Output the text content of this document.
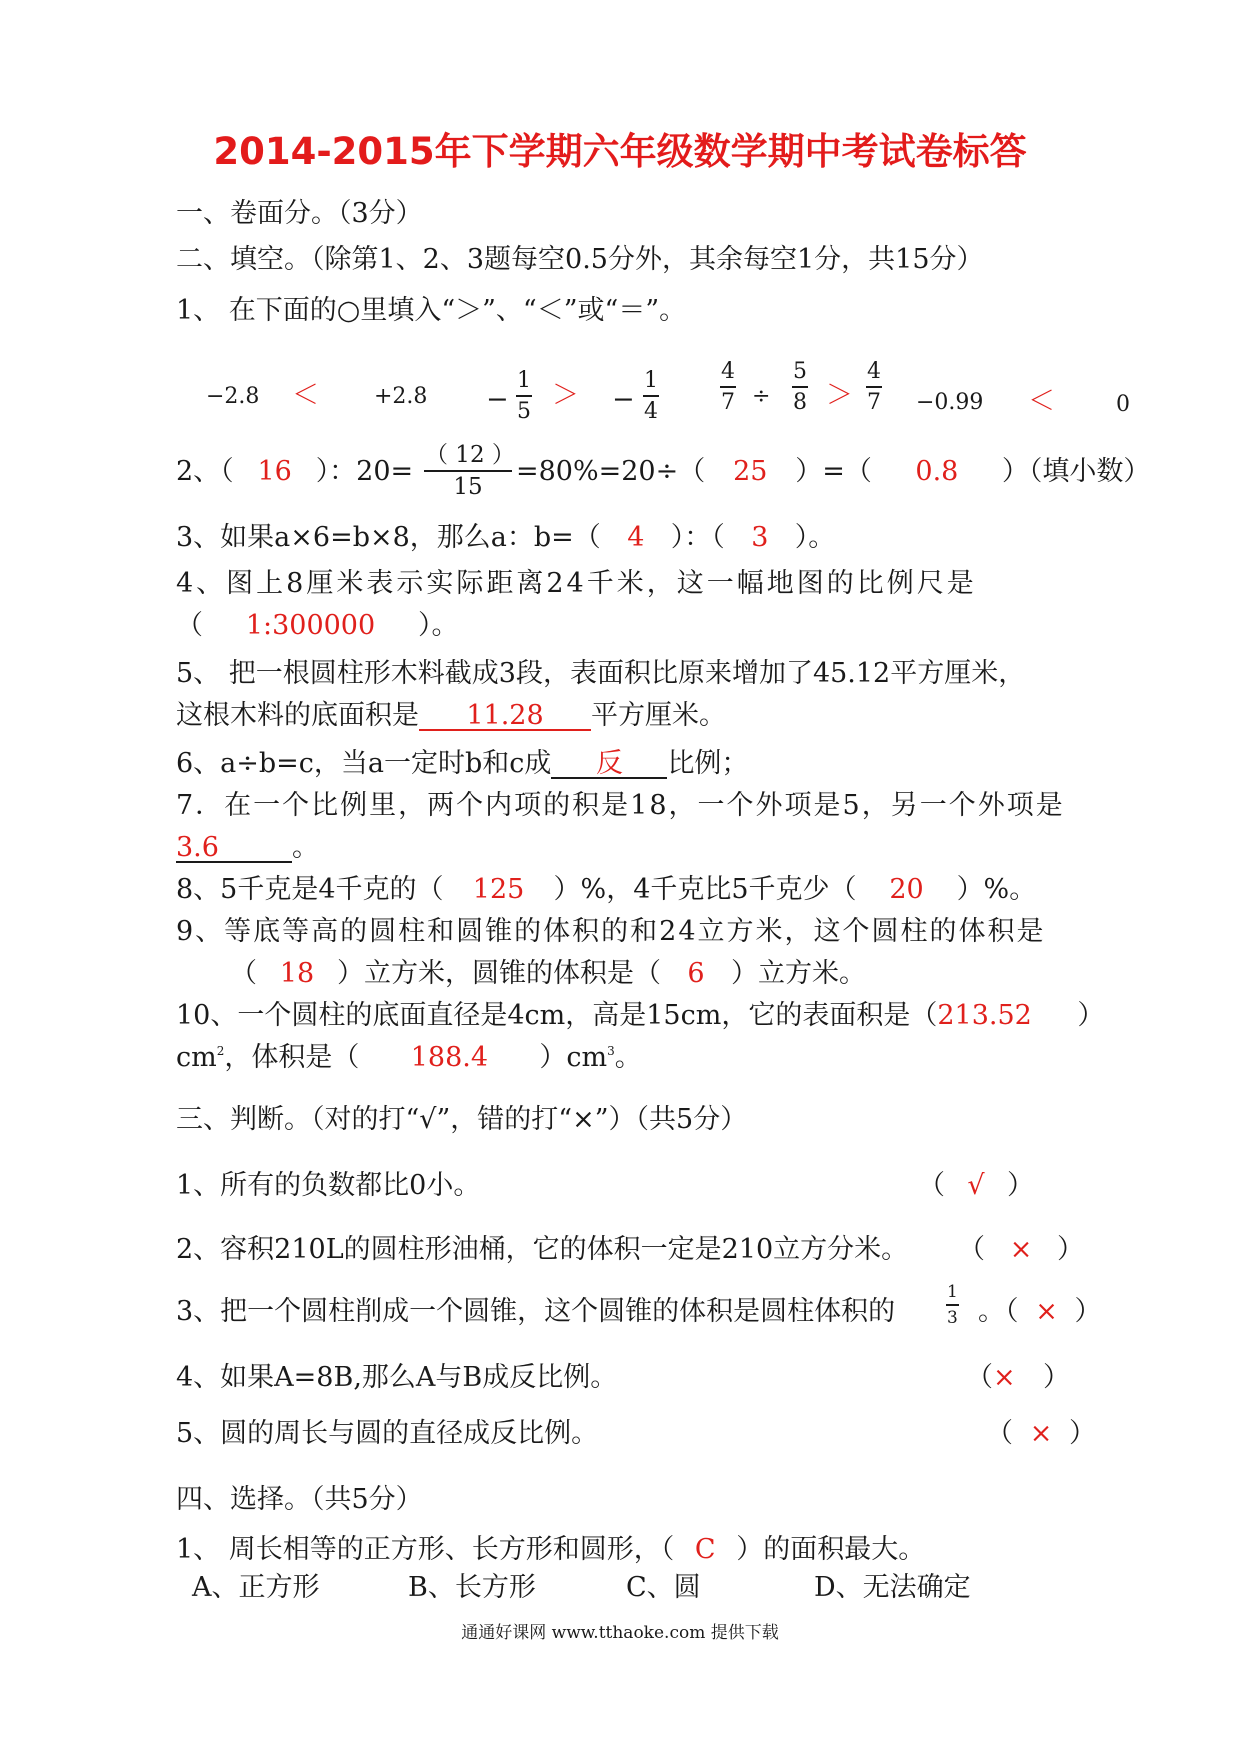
2014-2015年下学期六年级数学期中考试卷标答
一、卷面分。（3分）
二、填空。（除第1、2、3题每空0.5分外，其余每空1分，共15分）
1、 在下面的○里填入“＞”、“＜”或“＝”。
−2.8 ＜	$+2.8 - \frac{1}{5}$ ＞ − $\frac{1}{4}$	$\frac{4}{7} \div \frac{5}{8} > \frac{4}{7} -0.99$ ＜	0
2、（ 16 ）：$20= \frac{( 12 )}{15} =80\%=20\div$（ 25 ）=（ 0.8 ）（填小数）
3、如果a×6=b×8，那么a：b=（ 4 ）：（ 3 ）。
4、图上8厘米表示实际距离24千米，这一幅地图的比例尺是
（ 1:300000 ）。
5、 把一根圆柱形木料截成3段，表面积比原来增加了45.12平方厘米，
这根木料的底面积是 11.28 平方厘米。
6、a÷b=c，当a一定时b和c成 反 比例；
7．在一个比例里，两个内项的积是18，一个外项是5，另一个外项是
3.6	。
8、5千克是4千克的（ 125 ）%，4千克比5千克少（ 20 ）%。
9、等底等高的圆柱和圆锥的体积的和24立方米，这个圆柱的体积是
（ 18 ）立方米，圆锥的体积是（ 6 ）立方米。
10、一个圆柱的底面直径是4cm，高是15cm，它的表面积是（213.52 ）
$cm^2$，体积是（ 188.4 ）$cm^3$。
三、判断。（对的打“√”，错的打“×”）（共5分）
1、所有的负数都比0小。	（ √ ）
2、容积210L的圆柱形油桶，它的体积一定是210立方分米。 （ × ）
3、把一个圆柱削成一个圆锥，这个圆锥的体积是圆柱体积的	$\frac{1}{3}$ 。（ × ）
4、如果A=8B,那么A与B成反比例。	（× ）
5、圆的周长与圆的直径成反比例。	（ × ）
四、选择。（共5分）
1、 周长相等的正方形、长方形和圆形，（ C ）的面积最大。
A、正方形	B、长方形	C、圆	D、无法确定
通通好课网 www.tthaoke.com 提供下载
